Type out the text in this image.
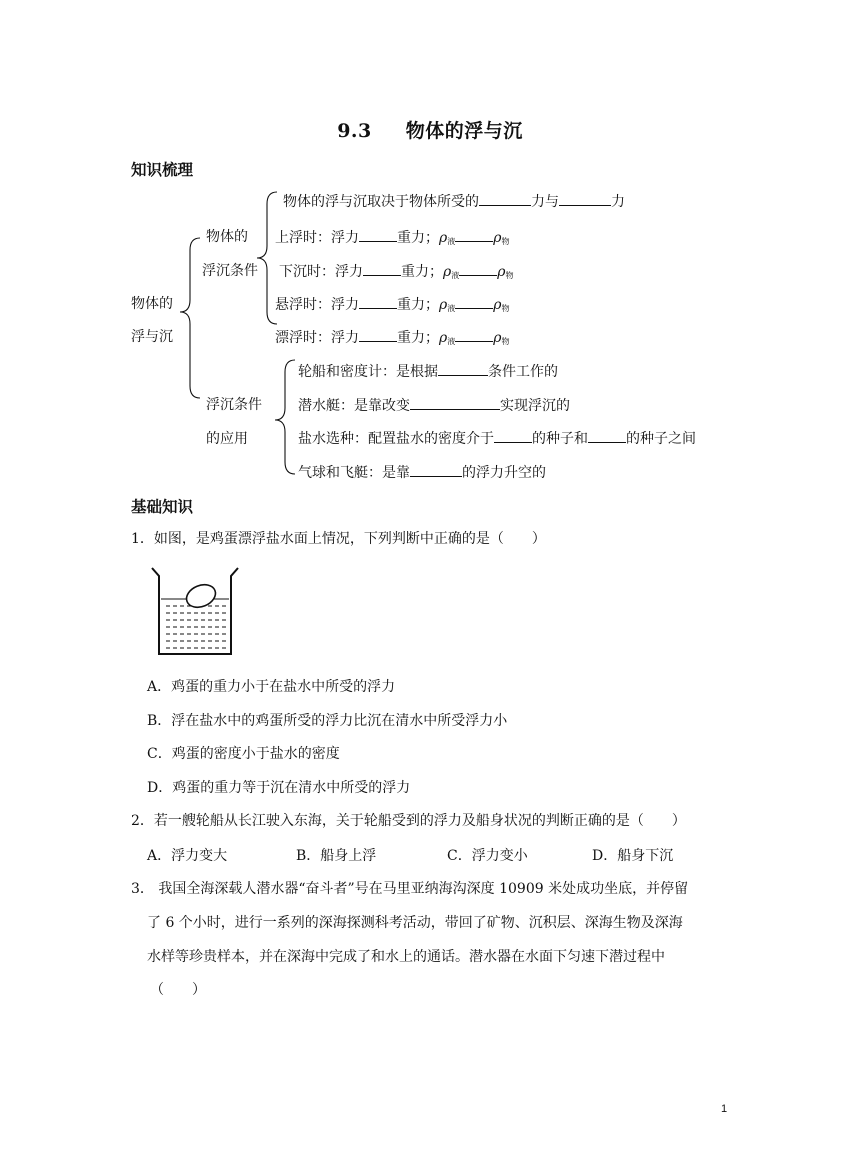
9.3 物体的浮与沉
知识梳理
物体的
浮与沉
物体的
浮沉条件
浮沉条件
的应用
物体的浮与沉取决于物体所受的	力与	力
上浮时：浮力	重力；$\rho_液$	$\rho_物$
下沉时：浮力	重力；$\rho_液$	$\rho_物$
悬浮时：浮力	重力；$\rho_液$	$\rho_物$
漂浮时：浮力	重力；$\rho_液$	$\rho_物$
轮船和密度计：是根据	条件工作的
潜水艇：是靠改变	实现浮沉的
盐水选种：配置盐水的密度介于	的种子和	的种子之间
气球和飞艇：是靠	的浮力升空的
基础知识
1．如图，是鸡蛋漂浮盐水面上情况，下列判断中正确的是（　　）
A．鸡蛋的重力小于在盐水中所受的浮力
B．浮在盐水中的鸡蛋所受的浮力比沉在清水中所受浮力小
C．鸡蛋的密度小于盐水的密度
D．鸡蛋的重力等于沉在清水中所受的浮力
2．若一艘轮船从长江驶入东海，关于轮船受到的浮力及船身状况的判断正确的是（　　）
A．浮力变大	B．船身上浮	C．浮力变小	D．船身下沉
3． 我国全海深载人潜水器“奋斗者”号在马里亚纳海沟深度 10909 米处成功坐底，并停留
了 6 个小时，进行一系列的深海探测科考活动，带回了矿物、沉积层、深海生物及深海
水样等珍贵样本，并在深海中完成了和水上的通话。潜水器在水面下匀速下潜过程中
（　　）
1
